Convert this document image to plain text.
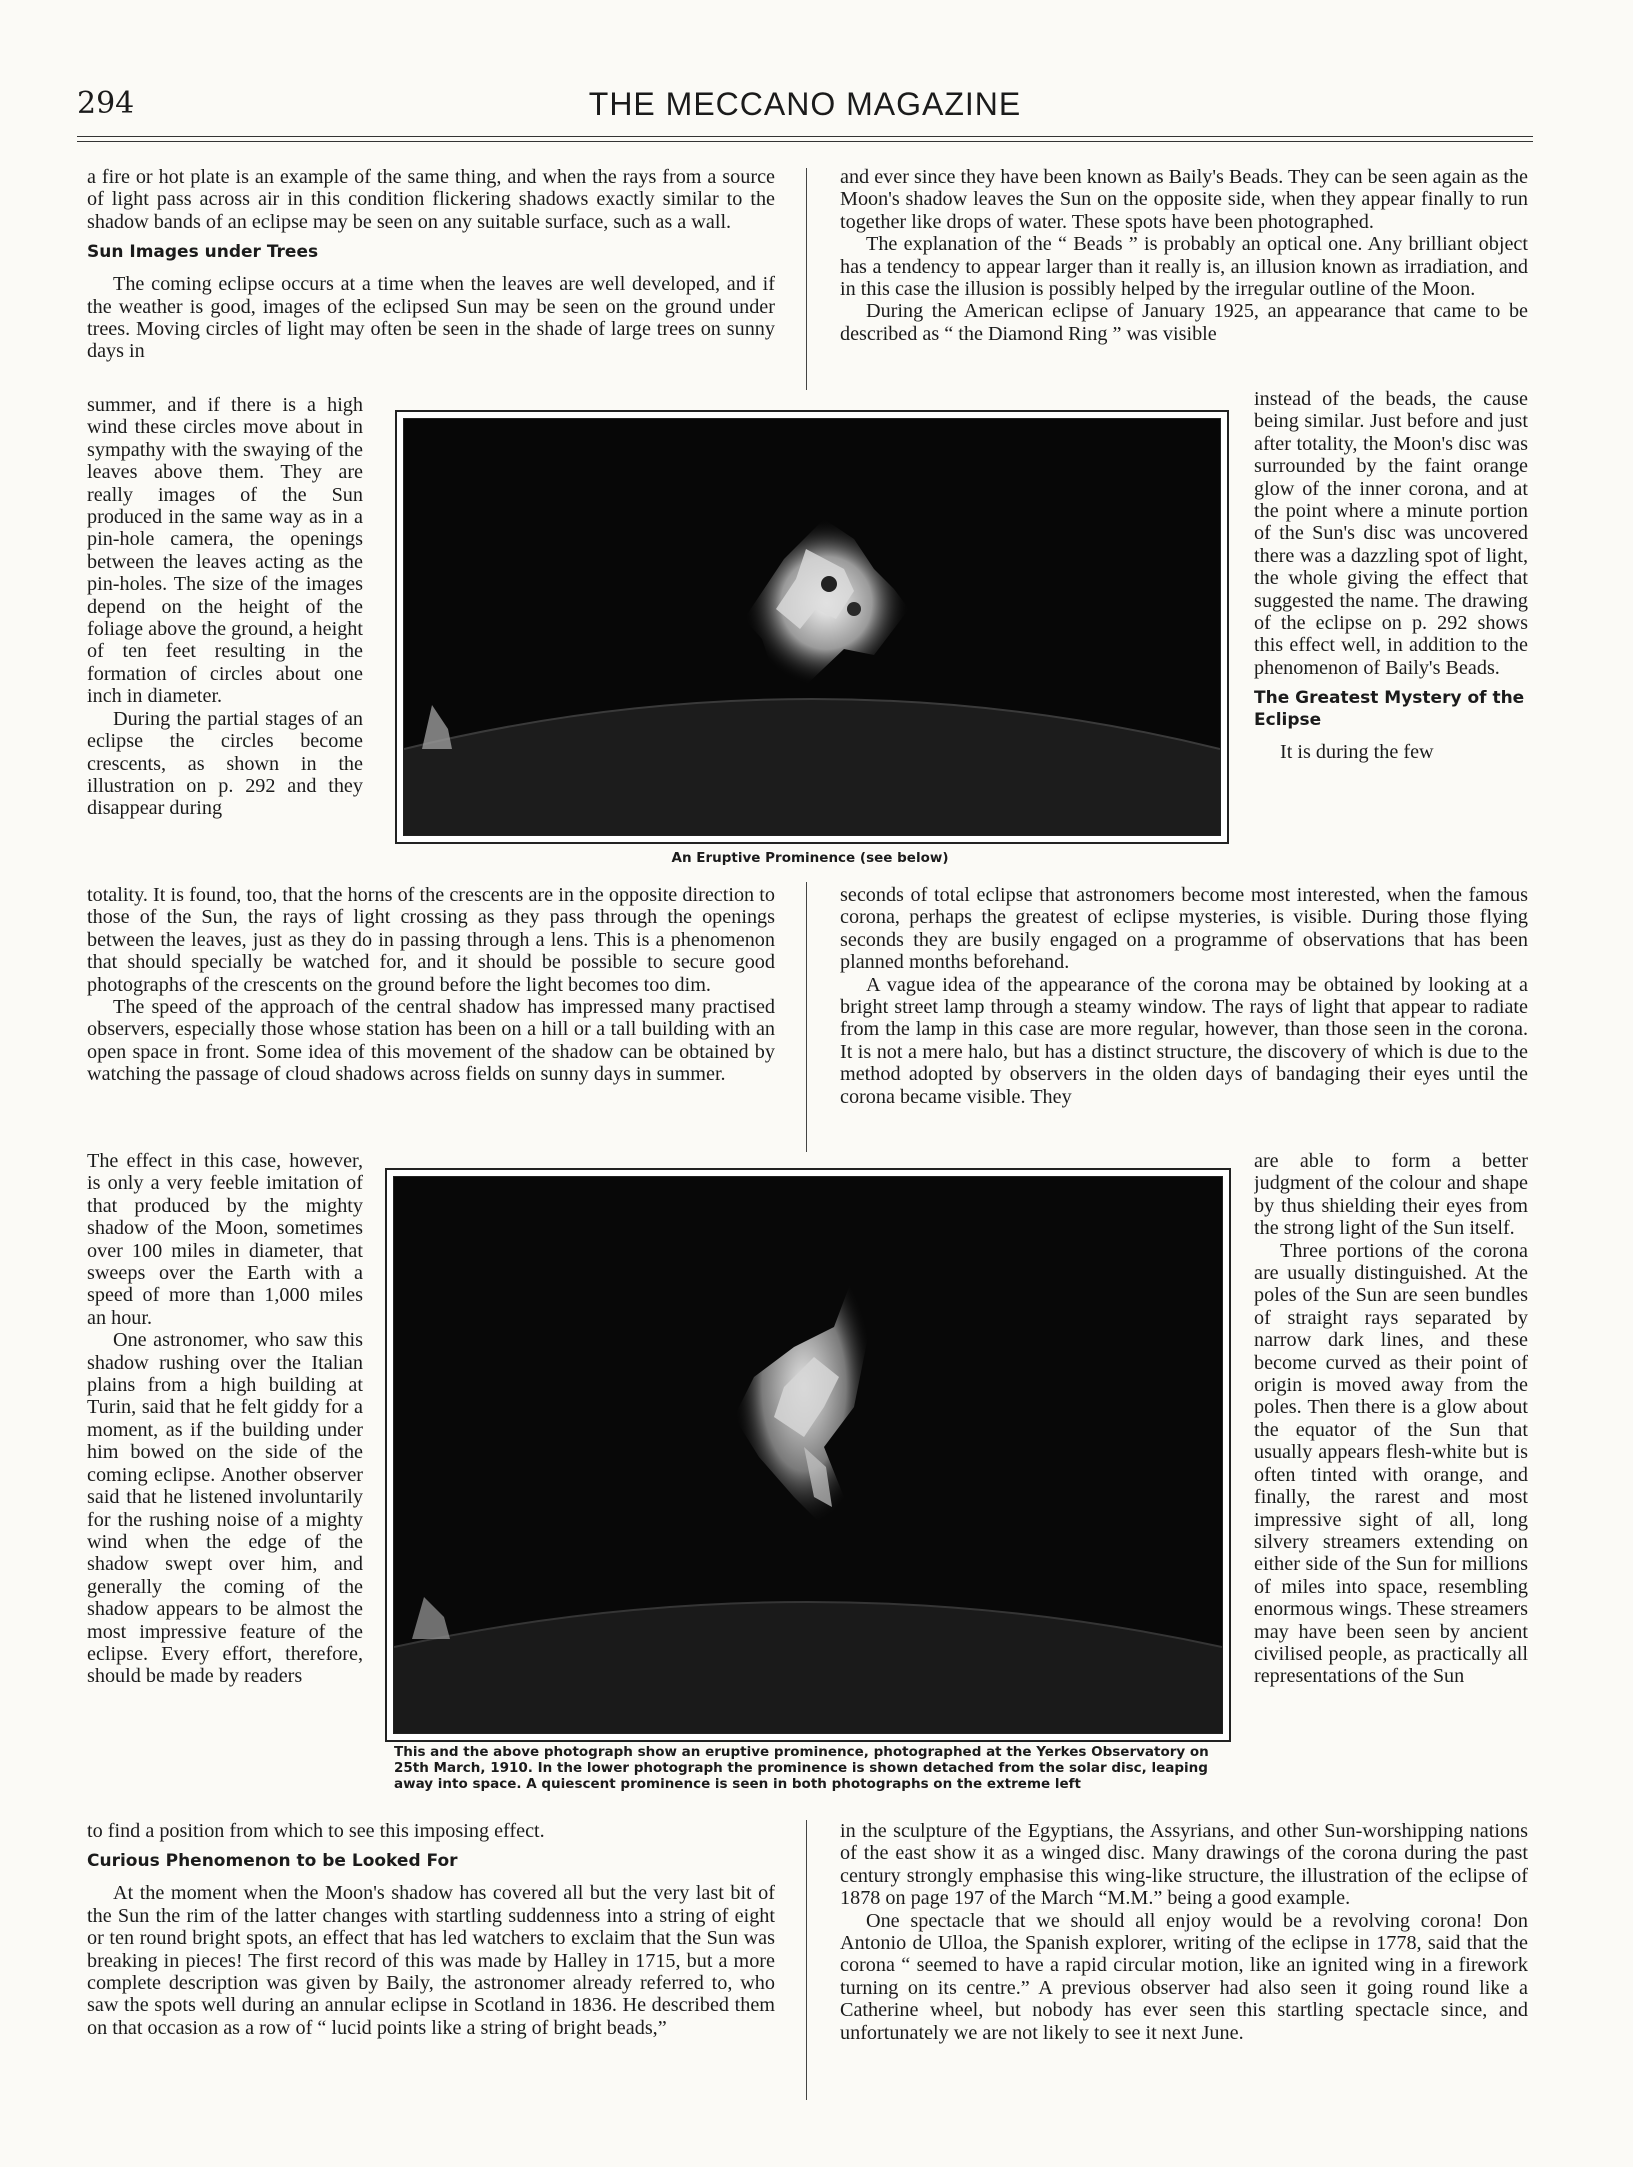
294	THE MECCANO MAGAZINE

a fire or hot plate is an example of the same thing, and when the rays from a source of light pass across air in this condition flickering shadows exactly similar to the shadow bands of an eclipse may be seen on any suitable surface, such as a wall.

Sun Images under Trees

The coming eclipse occurs at a time when the leaves are well developed, and if the weather is good, images of the eclipsed Sun may be seen on the ground under trees. Moving circles of light may often be seen in the shade of large trees on sunny days in

summer, and if there is a high wind these circles move about in sympathy with the swaying of the leaves above them. They are really images of the Sun produced in the same way as in a pin-hole camera, the openings between the leaves acting as the pin-holes. The size of the images depend on the height of the foliage above the ground, a height of ten feet resulting in the formation of circles about one inch in diameter.

During the partial stages of an eclipse the circles become crescents, as shown in the illustration on p. 292 and they disappear during

totality. It is found, too, that the horns of the crescents are in the opposite direction to those of the Sun, the rays of light crossing as they pass through the openings between the leaves, just as they do in passing through a lens. This is a phenomenon that should specially be watched for, and it should be possible to secure good photographs of the crescents on the ground before the light becomes too dim.

The speed of the approach of the central shadow has impressed many practised observers, especially those whose station has been on a hill or a tall building with an open space in front. Some idea of this movement of the shadow can be obtained by watching the passage of cloud shadows across fields on sunny days in summer.

The effect in this case, however, is only a very feeble imitation of that produced by the mighty shadow of the Moon, sometimes over 100 miles in diameter, that sweeps over the Earth with a speed of more than 1,000 miles an hour.

One astronomer, who saw this shadow rushing over the Italian plains from a high building at Turin, said that he felt giddy for a moment, as if the building under him bowed on the side of the coming eclipse. Another observer said that he listened involuntarily for the rushing noise of a mighty wind when the edge of the shadow swept over him, and generally the coming of the shadow appears to be almost the most impressive feature of the eclipse. Every effort, therefore, should be made by readers

to find a position from which to see this imposing effect.

Curious Phenomenon to be Looked For

At the moment when the Moon's shadow has covered all but the very last bit of the Sun the rim of the latter changes with startling suddenness into a string of eight or ten round bright spots, an effect that has led watchers to exclaim that the Sun was breaking in pieces! The first record of this was made by Halley in 1715, but a more complete description was given by Baily, the astronomer already referred to, who saw the spots well during an annular eclipse in Scotland in 1836. He described them on that occasion as a row of “ lucid points like a string of bright beads,”

and ever since they have been known as Baily's Beads. They can be seen again as the Moon's shadow leaves the Sun on the opposite side, when they appear finally to run together like drops of water. These spots have been photographed.

The explanation of the “ Beads ” is probably an optical one. Any brilliant object has a tendency to appear larger than it really is, an illusion known as irradiation, and in this case the illusion is possibly helped by the irregular outline of the Moon.

During the American eclipse of January 1925, an appearance that came to be described as “ the Diamond Ring ” was visible

instead of the beads, the cause being similar. Just before and just after totality, the Moon's disc was surrounded by the faint orange glow of the inner corona, and at the point where a minute portion of the Sun's disc was uncovered there was a dazzling spot of light, the whole giving the effect that suggested the name. The drawing of the eclipse on p. 292 shows this effect well, in addition to the phenomenon of Baily's Beads.

The Greatest Mystery of the Eclipse

It is during the few

seconds of total eclipse that astronomers become most interested, when the famous corona, perhaps the greatest of eclipse mysteries, is visible. During those flying seconds they are busily engaged on a programme of observations that has been planned months beforehand.

A vague idea of the appearance of the corona may be obtained by looking at a bright street lamp through a steamy window. The rays of light that appear to radiate from the lamp in this case are more regular, however, than those seen in the corona. It is not a mere halo, but has a distinct structure, the discovery of which is due to the method adopted by observers in the olden days of bandaging their eyes until the corona became visible. They

are able to form a better judgment of the colour and shape by thus shielding their eyes from the strong light of the Sun itself.

Three portions of the corona are usually distinguished. At the poles of the Sun are seen bundles of straight rays separated by narrow dark lines, and these become curved as their point of origin is moved away from the poles. Then there is a glow about the equator of the Sun that usually appears flesh-white but is often tinted with orange, and finally, the rarest and most impressive sight of all, long silvery streamers extending on either side of the Sun for millions of miles into space, resembling enormous wings. These streamers may have been seen by ancient civilised people, as practically all representations of the Sun

in the sculpture of the Egyptians, the Assyrians, and other Sun-worshipping nations of the east show it as a winged disc. Many drawings of the corona during the past century strongly emphasise this wing-like structure, the illustration of the eclipse of 1878 on page 197 of the March “M.M.” being a good example.

One spectacle that we should all enjoy would be a revolving corona! Don Antonio de Ulloa, the Spanish explorer, writing of the eclipse in 1778, said that the corona “ seemed to have a rapid circular motion, like an ignited wing in a firework turning on its centre.” A previous observer had also seen it going round like a Catherine wheel, but nobody has ever seen this startling spectacle since, and unfortunately we are not likely to see it next June.

An Eruptive Prominence (see below)
This and the above photograph show an eruptive prominence, photographed at the Yerkes Observatory on 25th March, 1910. In the lower photograph the prominence is shown detached from the solar disc, leaping away into space. A quiescent prominence is seen in both photographs on the extreme left
